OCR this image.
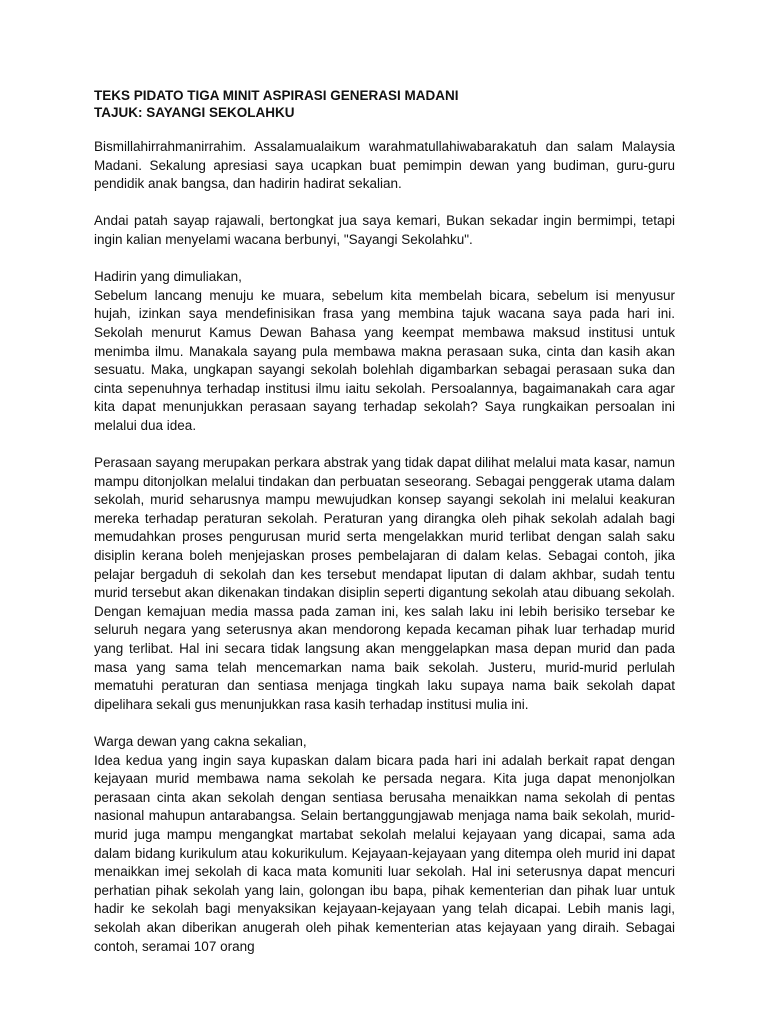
TEKS PIDATO TIGA MINIT ASPIRASI GENERASI MADANI

TAJUK: SAYANGI SEKOLAHKU

Bismillahirrahmanirrahim. Assalamualaikum warahmatullahiwabarakatuh dan salam Malaysia Madani. Sekalung apresiasi saya ucapkan buat pemimpin dewan yang budiman, guru-guru pendidik anak bangsa, dan hadirin hadirat sekalian.

Andai patah sayap rajawali, bertongkat jua saya kemari, Bukan sekadar ingin bermimpi, tetapi ingin kalian menyelami wacana berbunyi, "Sayangi Sekolahku".

Hadirin yang dimuliakan,

Sebelum lancang menuju ke muara, sebelum kita membelah bicara, sebelum isi menyusur hujah, izinkan saya mendefinisikan frasa yang membina tajuk wacana saya pada hari ini. Sekolah menurut Kamus Dewan Bahasa yang keempat membawa maksud institusi untuk menimba ilmu. Manakala sayang pula membawa makna perasaan suka, cinta dan kasih akan sesuatu. Maka, ungkapan sayangi sekolah bolehlah digambarkan sebagai perasaan suka dan cinta sepenuhnya terhadap institusi ilmu iaitu sekolah. Persoalannya, bagaimanakah cara agar kita dapat menunjukkan perasaan sayang terhadap sekolah? Saya rungkaikan persoalan ini melalui dua idea.

Perasaan sayang merupakan perkara abstrak yang tidak dapat dilihat melalui mata kasar, namun mampu ditonjolkan melalui tindakan dan perbuatan seseorang. Sebagai penggerak utama dalam sekolah, murid seharusnya mampu mewujudkan konsep sayangi sekolah ini melalui keakuran mereka terhadap peraturan sekolah. Peraturan yang dirangka oleh pihak sekolah adalah bagi memudahkan proses pengurusan murid serta mengelakkan murid terlibat dengan salah saku disiplin kerana boleh menjejaskan proses pembelajaran di dalam kelas. Sebagai contoh, jika pelajar bergaduh di sekolah dan kes tersebut mendapat liputan di dalam akhbar, sudah tentu murid tersebut akan dikenakan tindakan disiplin seperti digantung sekolah atau dibuang sekolah. Dengan kemajuan media massa pada zaman ini, kes salah laku ini lebih berisiko tersebar ke seluruh negara yang seterusnya akan mendorong kepada kecaman pihak luar terhadap murid yang terlibat. Hal ini secara tidak langsung akan menggelapkan masa depan murid dan pada masa yang sama telah mencemarkan nama baik sekolah. Justeru, murid-murid perlulah mematuhi peraturan dan sentiasa menjaga tingkah laku supaya nama baik sekolah dapat dipelihara sekali gus menunjukkan rasa kasih terhadap institusi mulia ini.

Warga dewan yang cakna sekalian,

Idea kedua yang ingin saya kupaskan dalam bicara pada hari ini adalah berkait rapat dengan kejayaan murid membawa nama sekolah ke persada negara. Kita juga dapat menonjolkan perasaan cinta akan sekolah dengan sentiasa berusaha menaikkan nama sekolah di pentas nasional mahupun antarabangsa. Selain bertanggungjawab menjaga nama baik sekolah, murid-murid juga mampu mengangkat martabat sekolah melalui kejayaan yang dicapai, sama ada dalam bidang kurikulum atau kokurikulum. Kejayaan-kejayaan yang ditempa oleh murid ini dapat menaikkan imej sekolah di kaca mata komuniti luar sekolah. Hal ini seterusnya dapat mencuri perhatian pihak sekolah yang lain, golongan ibu bapa, pihak kementerian dan pihak luar untuk hadir ke sekolah bagi menyaksikan kejayaan-kejayaan yang telah dicapai. Lebih manis lagi, sekolah akan diberikan anugerah oleh pihak kementerian atas kejayaan yang diraih. Sebagai contoh, seramai 107 orang
